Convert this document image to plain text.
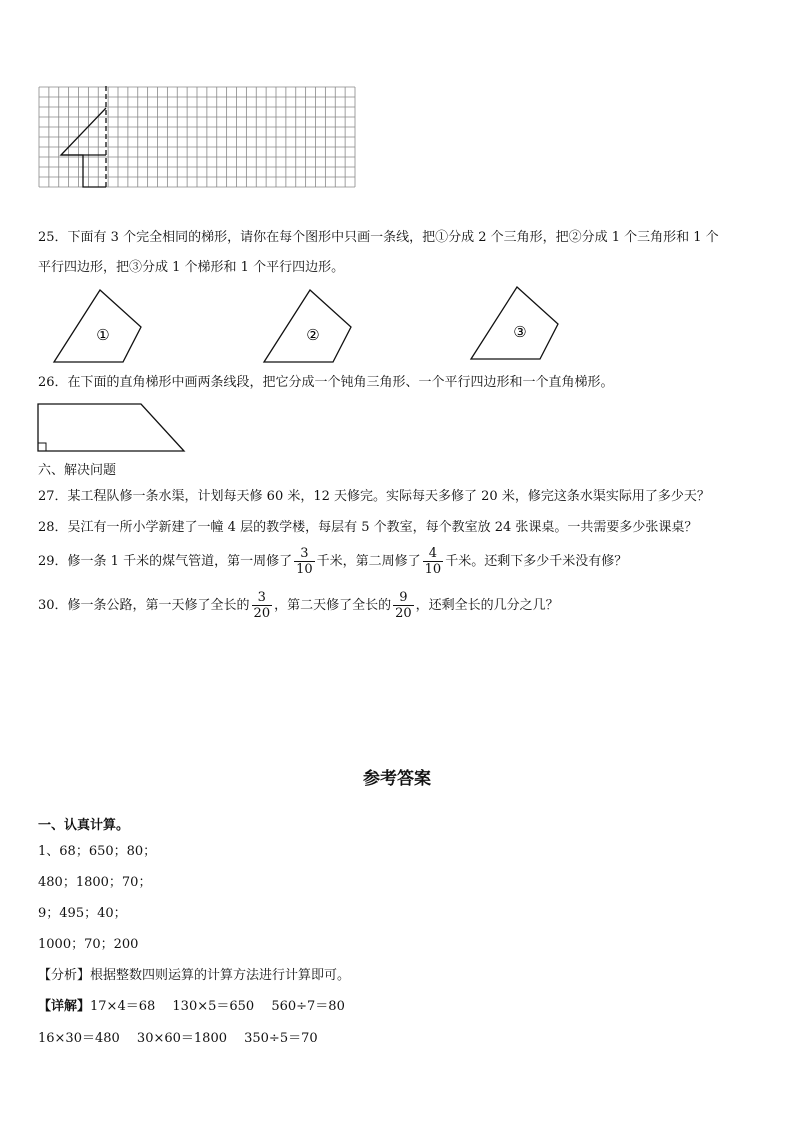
25．下面有 3 个完全相同的梯形，请你在每个图形中只画一条线，把①分成 2 个三角形，把②分成 1 个三角形和 1 个
平行四边形，把③分成 1 个梯形和 1 个平行四边形。
①	②	③
26．在下面的直角梯形中画两条线段，把它分成一个钝角三角形、一个平行四边形和一个直角梯形。
六、解决问题
27．某工程队修一条水渠，计划每天修 60 米，12 天修完。实际每天多修了 20 米，修完这条水渠实际用了多少天？
28．吴江有一所小学新建了一幢 4 层的教学楼，每层有 5 个教室，每个教室放 24 张课桌。一共需要多少张课桌？
29．修一条 1 千米的煤气管道，第一周修了 $\frac{3}{10}$ 千米，第二周修了 $\frac{4}{10}$ 千米。还剩下多少千米没有修？
30．修一条公路，第一天修了全长的 $\frac{3}{20}$ ，第二天修了全长的 $\frac{9}{20}$ ，还剩全长的几分之几？
参考答案
一、认真计算。
1、68；650；80；
480；1800；70；
9；495；40；
1000；70；200
【分析】根据整数四则运算的计算方法进行计算即可。
【详解】17×4＝68　 130×5＝650　 560÷7＝80
16×30＝480　 30×60＝1800　 350÷5＝70
